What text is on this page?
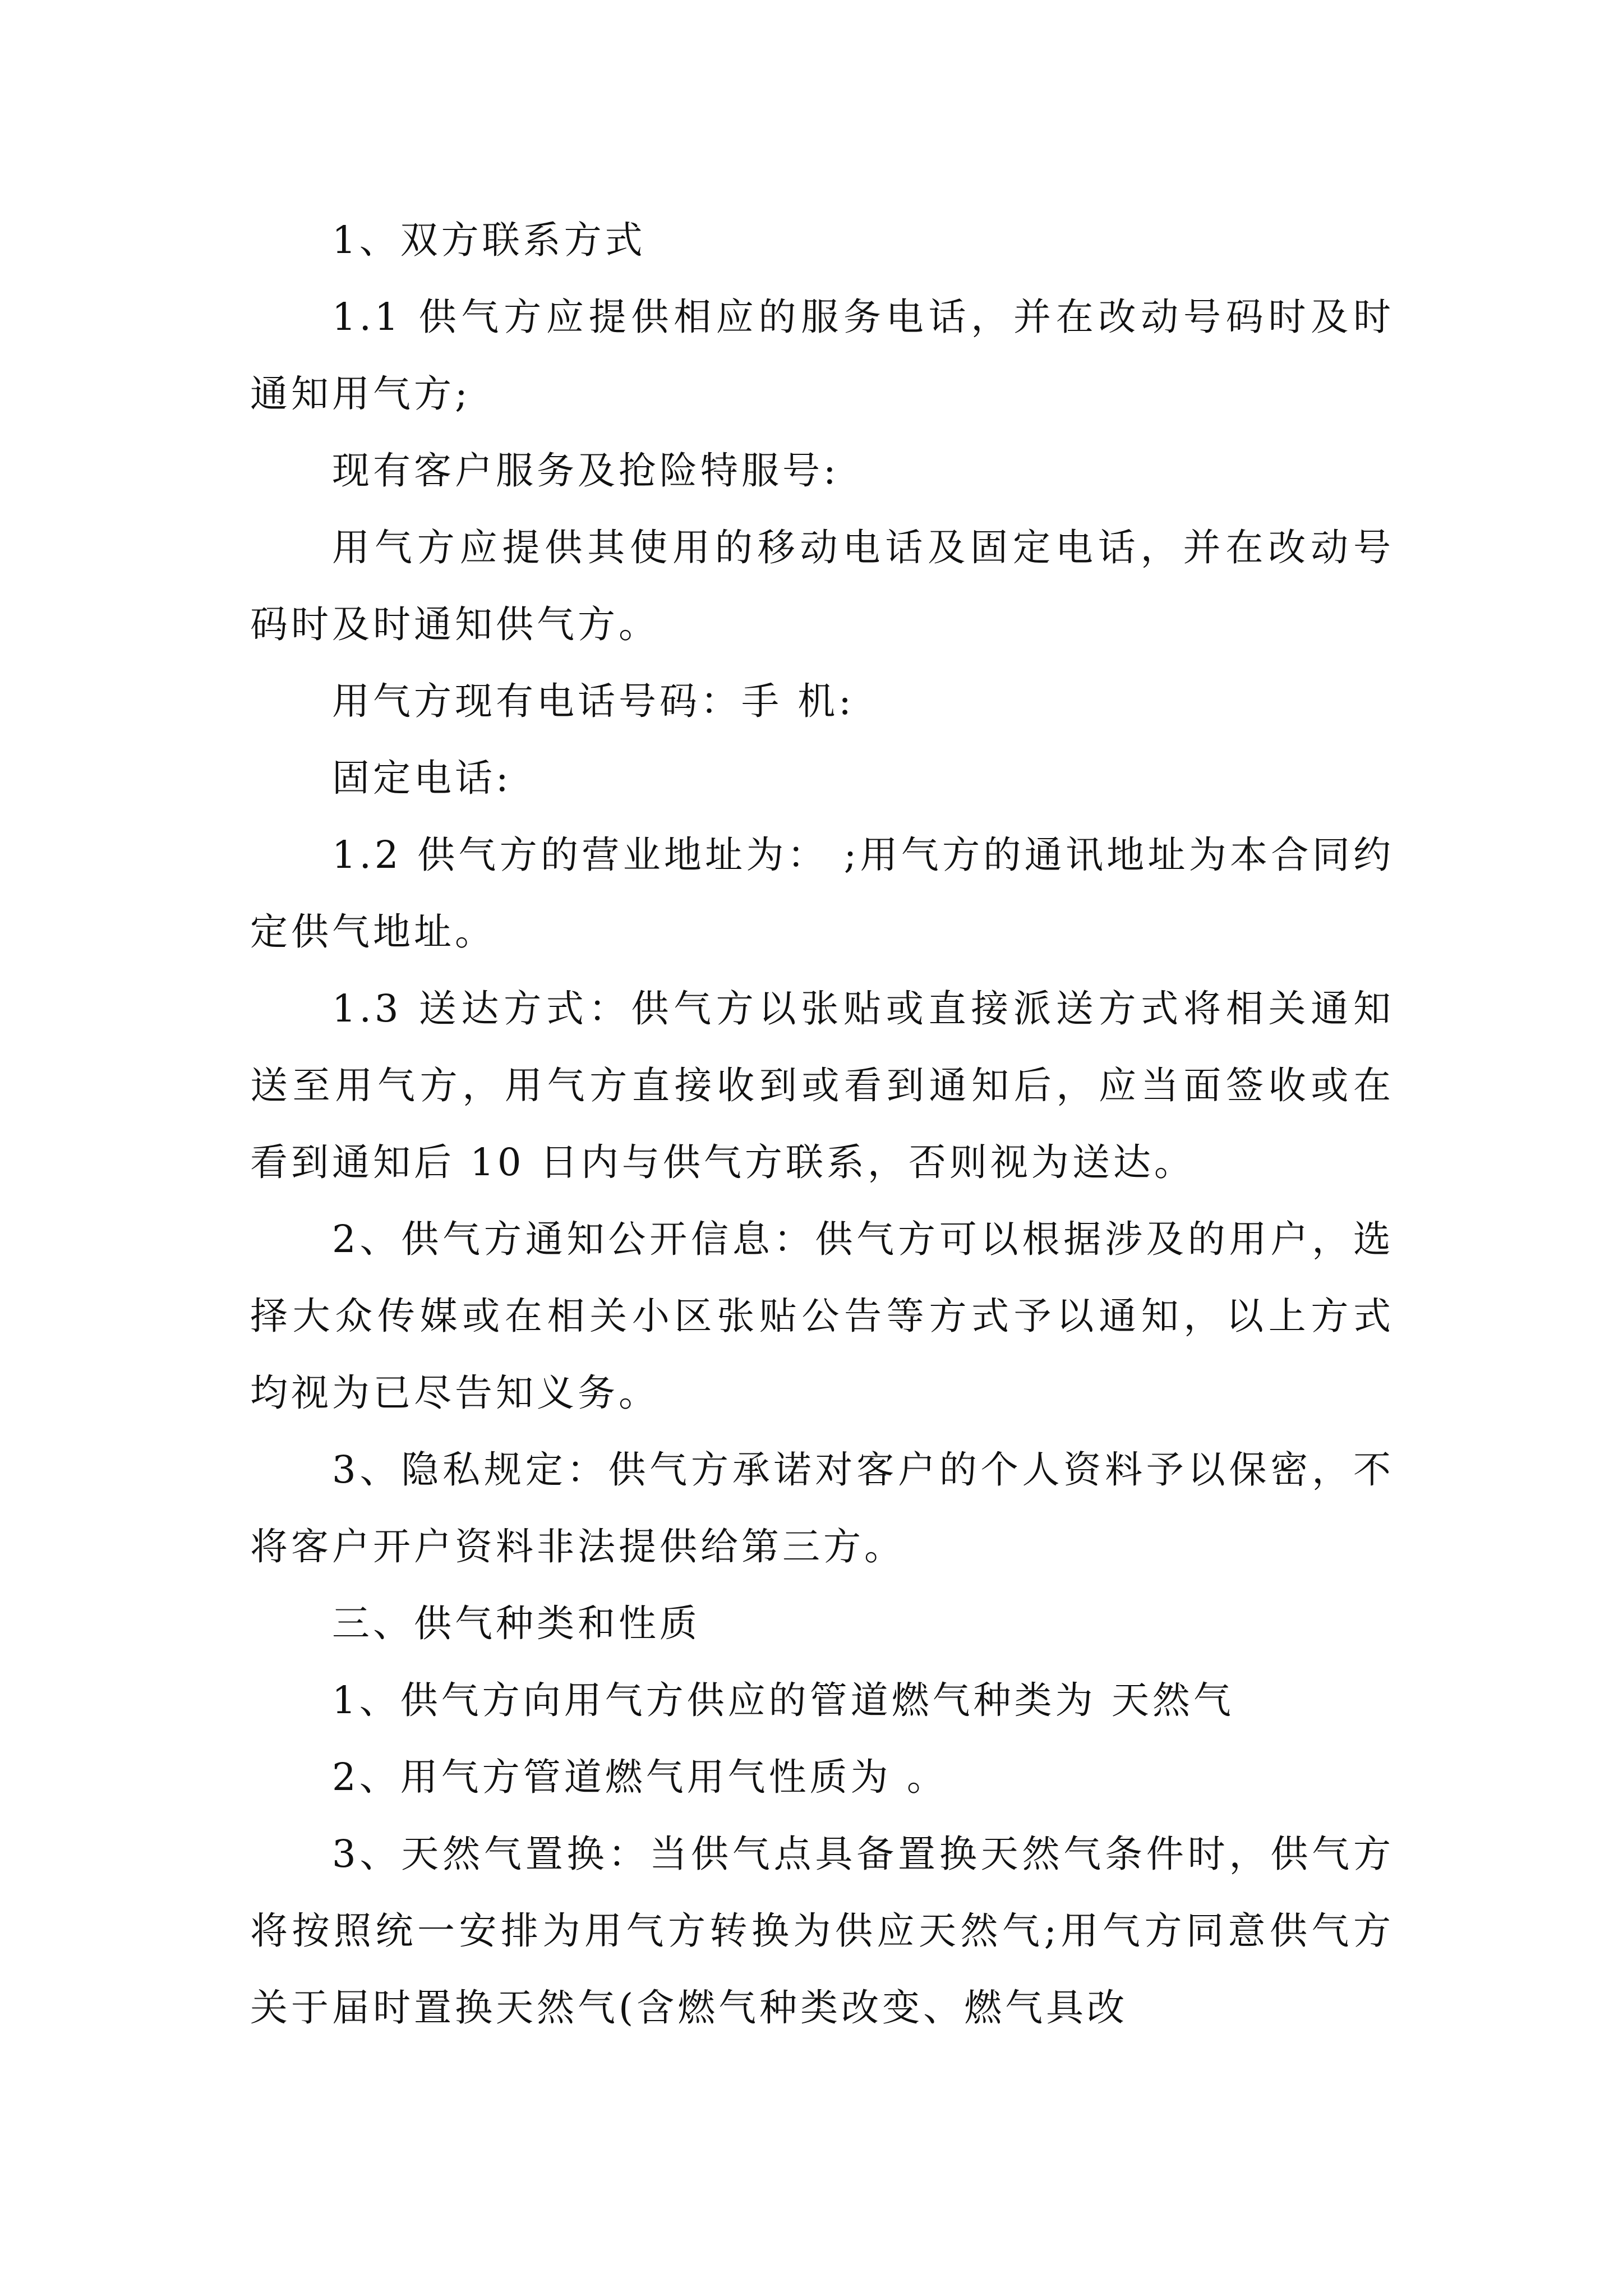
1、双方联系方式

1.1 供气方应提供相应的服务电话，并在改动号码时及时通知用气方;

现有客户服务及抢险特服号:

用气方应提供其使用的移动电话及固定电话，并在改动号码时及时通知供气方。

用气方现有电话号码：手 机:

固定电话:

1.2 供气方的营业地址为： ;用气方的通讯地址为本合同约定供气地址。

1.3 送达方式：供气方以张贴或直接派送方式将相关通知送至用气方，用气方直接收到或看到通知后，应当面签收或在看到通知后 10 日内与供气方联系，否则视为送达。

2、供气方通知公开信息：供气方可以根据涉及的用户，选择大众传媒或在相关小区张贴公告等方式予以通知，以上方式均视为已尽告知义务。

3、隐私规定：供气方承诺对客户的个人资料予以保密，不将客户开户资料非法提供给第三方。

三、供气种类和性质

1、供气方向用气方供应的管道燃气种类为 天然气

2、用气方管道燃气用气性质为 。

3、天然气置换：当供气点具备置换天然气条件时，供气方将按照统一安排为用气方转换为供应天然气;用气方同意供气方关于届时置换天然气(含燃气种类改变、燃气具改
